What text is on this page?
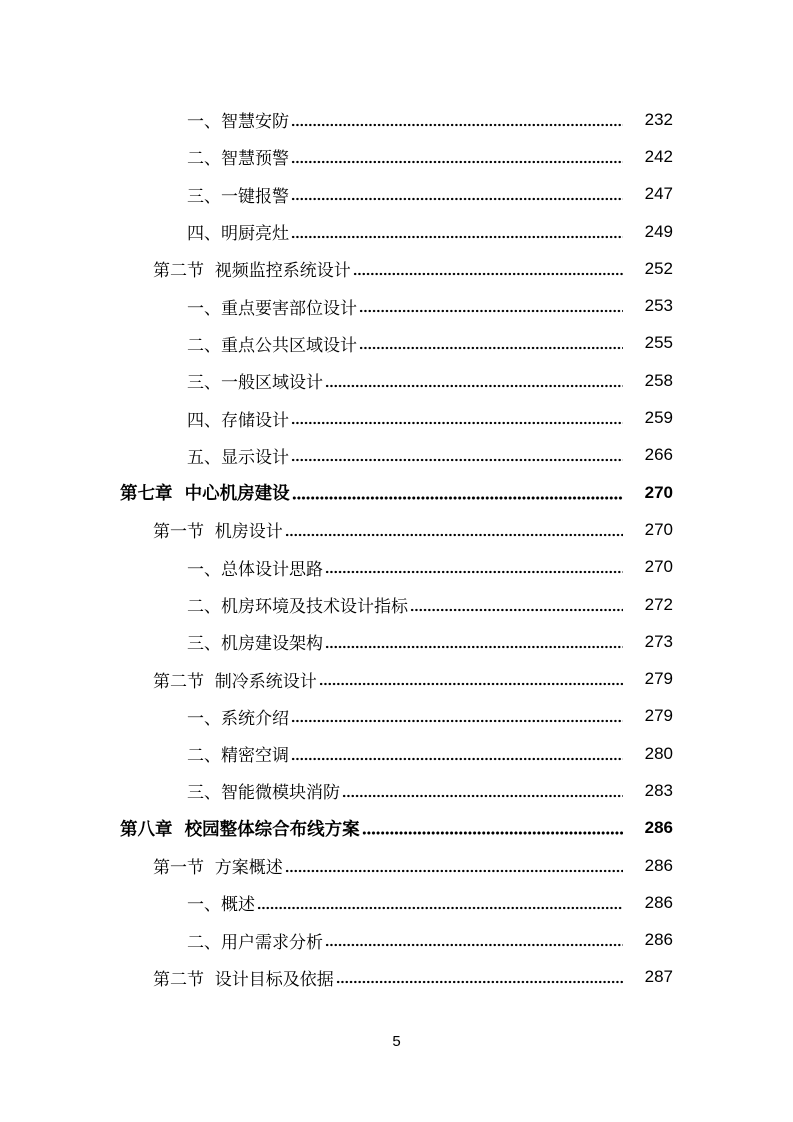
一、智慧安防	232
二、智慧预警	242
三、一键报警	247
四、明厨亮灶	249
第二节  视频监控系统设计	252
一、重点要害部位设计	253
二、重点公共区域设计	255
三、一般区域设计	258
四、存储设计	259
五、显示设计	266
第七章  中心机房建设	270
第一节  机房设计	270
一、总体设计思路	270
二、机房环境及技术设计指标	272
三、机房建设架构	273
第二节  制冷系统设计	279
一、系统介绍	279
二、精密空调	280
三、智能微模块消防	283
第八章  校园整体综合布线方案	286
第一节  方案概述	286
一、概述	286
二、用户需求分析	286
第二节  设计目标及依据	287
5
